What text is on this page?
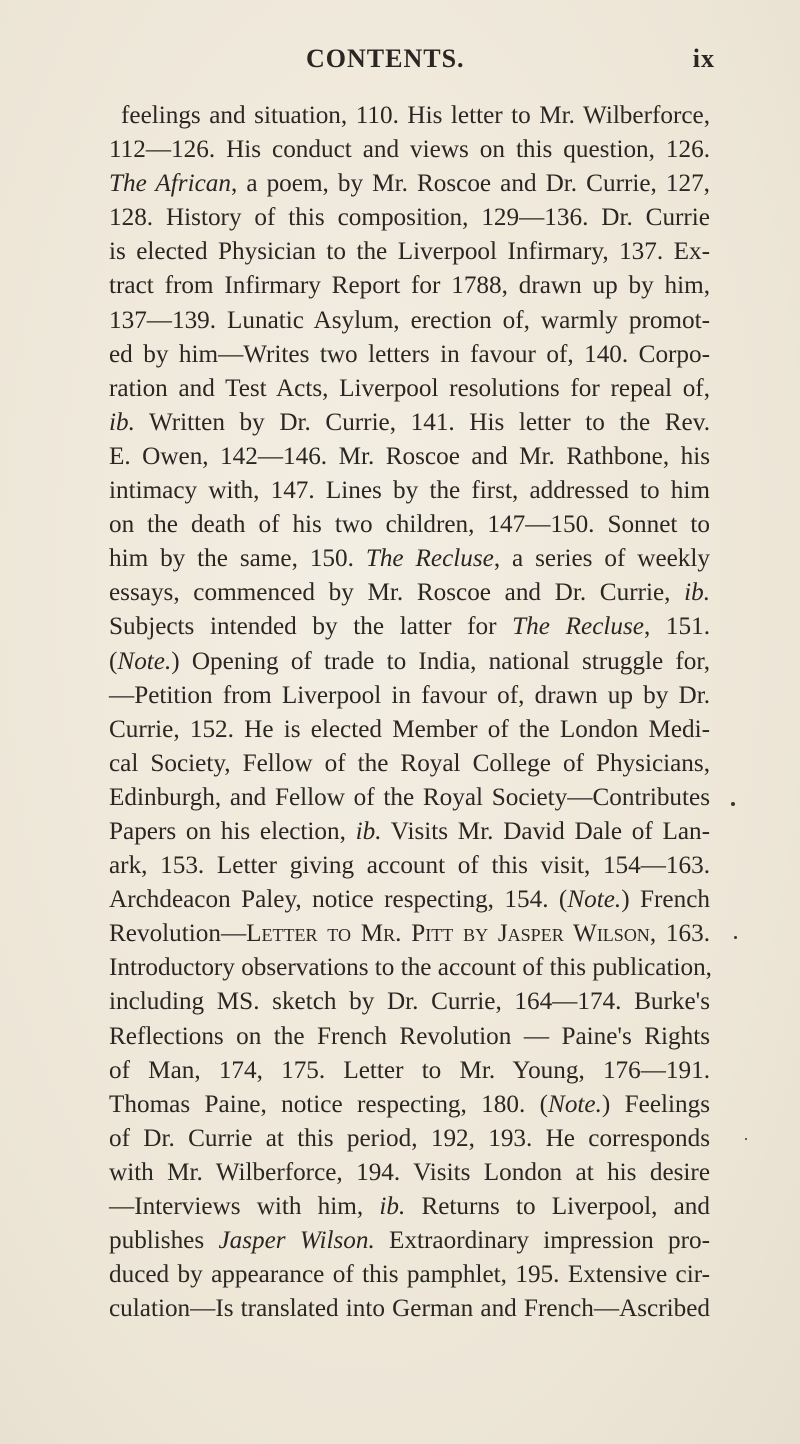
CONTENTS.	ix
feelings and situation, 110. His letter to Mr. Wilberforce,
112—126. His conduct and views on this question, 126.
The African, a poem, by Mr. Roscoe and Dr. Currie, 127,
128. History of this composition, 129—136. Dr. Currie
is elected Physician to the Liverpool Infirmary, 137. Ex-
tract from Infirmary Report for 1788, drawn up by him,
137—139. Lunatic Asylum, erection of, warmly promot-
ed by him—Writes two letters in favour of, 140. Corpo-
ration and Test Acts, Liverpool resolutions for repeal of,
ib. Written by Dr. Currie, 141. His letter to the Rev.
E. Owen, 142—146. Mr. Roscoe and Mr. Rathbone, his
intimacy with, 147. Lines by the first, addressed to him
on the death of his two children, 147—150. Sonnet to
him by the same, 150. The Recluse, a series of weekly
essays, commenced by Mr. Roscoe and Dr. Currie, ib.
Subjects intended by the latter for The Recluse, 151.
(Note.) Opening of trade to India, national struggle for,
—Petition from Liverpool in favour of, drawn up by Dr.
Currie, 152. He is elected Member of the London Medi-
cal Society, Fellow of the Royal College of Physicians,
Edinburgh, and Fellow of the Royal Society—Contributes
Papers on his election, ib. Visits Mr. David Dale of Lan-
ark, 153. Letter giving account of this visit, 154—163.
Archdeacon Paley, notice respecting, 154. (Note.) French
Revolution—Letter to Mr. Pitt by Jasper Wilson, 163.
Introductory observations to the account of this publication,
including MS. sketch by Dr. Currie, 164—174. Burke's
Reflections on the French Revolution — Paine's Rights
of Man, 174, 175. Letter to Mr. Young, 176—191.
Thomas Paine, notice respecting, 180. (Note.) Feelings
of Dr. Currie at this period, 192, 193. He corresponds
with Mr. Wilberforce, 194. Visits London at his desire
—Interviews with him, ib. Returns to Liverpool, and
publishes Jasper Wilson. Extraordinary impression pro-
duced by appearance of this pamphlet, 195. Extensive cir-
culation—Is translated into German and French—Ascribed
